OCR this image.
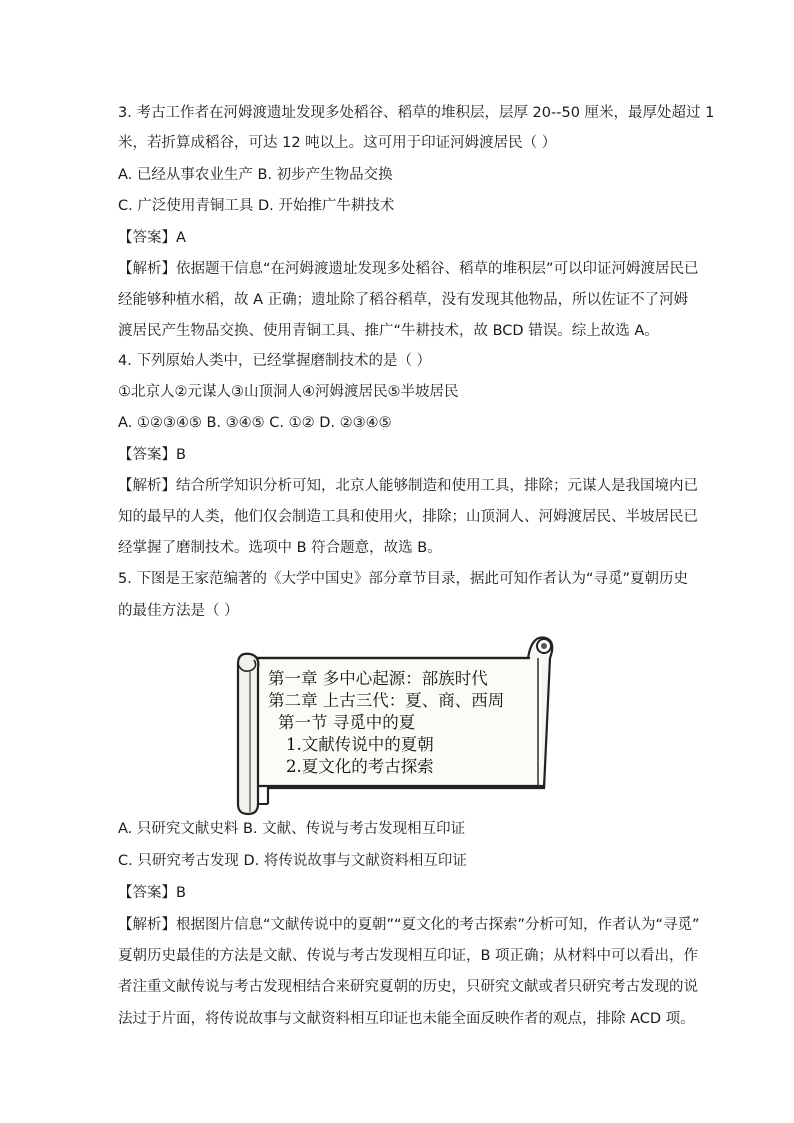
3. 考古工作者在河姆渡遗址发现多处稻谷、稻草的堆积层，层厚 20--50 厘米，最厚处超过 1
米，若折算成稻谷，可达 12 吨以上。这可用于印证河姆渡居民（ ）
A. 已经从事农业生产 B. 初步产生物品交换
C. 广泛使用青铜工具 D. 开始推广牛耕技术
【答案】A
【解析】依据题干信息“在河姆渡遗址发现多处稻谷、稻草的堆积层”可以印证河姆渡居民已
经能够种植水稻，故 A 正确；遗址除了稻谷稻草，没有发现其他物品，所以佐证不了河姆
渡居民产生物品交换、使用青铜工具、推广“牛耕技术，故 BCD 错误。综上故选 A。
4. 下列原始人类中，已经掌握磨制技术的是（ ）
①北京人②元谋人③山顶洞人④河姆渡居民⑤半坡居民
A. ①②③④⑤ B. ③④⑤ C. ①② D. ②③④⑤
【答案】B
【解析】结合所学知识分析可知，北京人能够制造和使用工具，排除；元谋人是我国境内已
知的最早的人类，他们仅会制造工具和使用火，排除；山顶洞人、河姆渡居民、半坡居民已
经掌握了磨制技术。选项中 B 符合题意，故选 B。
5. 下图是王家范编著的《大学中国史》部分章节目录，据此可知作者认为“寻觅”夏朝历史
的最佳方法是（ ）
第一章 多中心起源：部族时代
第二章 上古三代：夏、商、西周
第一节 寻觅中的夏
1.文献传说中的夏朝
2.夏文化的考古探索
A. 只研究文献史料 B. 文献、传说与考古发现相互印证
C. 只研究考古发现 D. 将传说故事与文献资料相互印证
【答案】B
【解析】根据图片信息“文献传说中的夏朝”“夏文化的考古探索”分析可知，作者认为“寻觅”
夏朝历史最佳的方法是文献、传说与考古发现相互印证，B 项正确；从材料中可以看出，作
者注重文献传说与考古发现相结合来研究夏朝的历史，只研究文献或者只研究考古发现的说
法过于片面，将传说故事与文献资料相互印证也未能全面反映作者的观点，排除 ACD 项。
